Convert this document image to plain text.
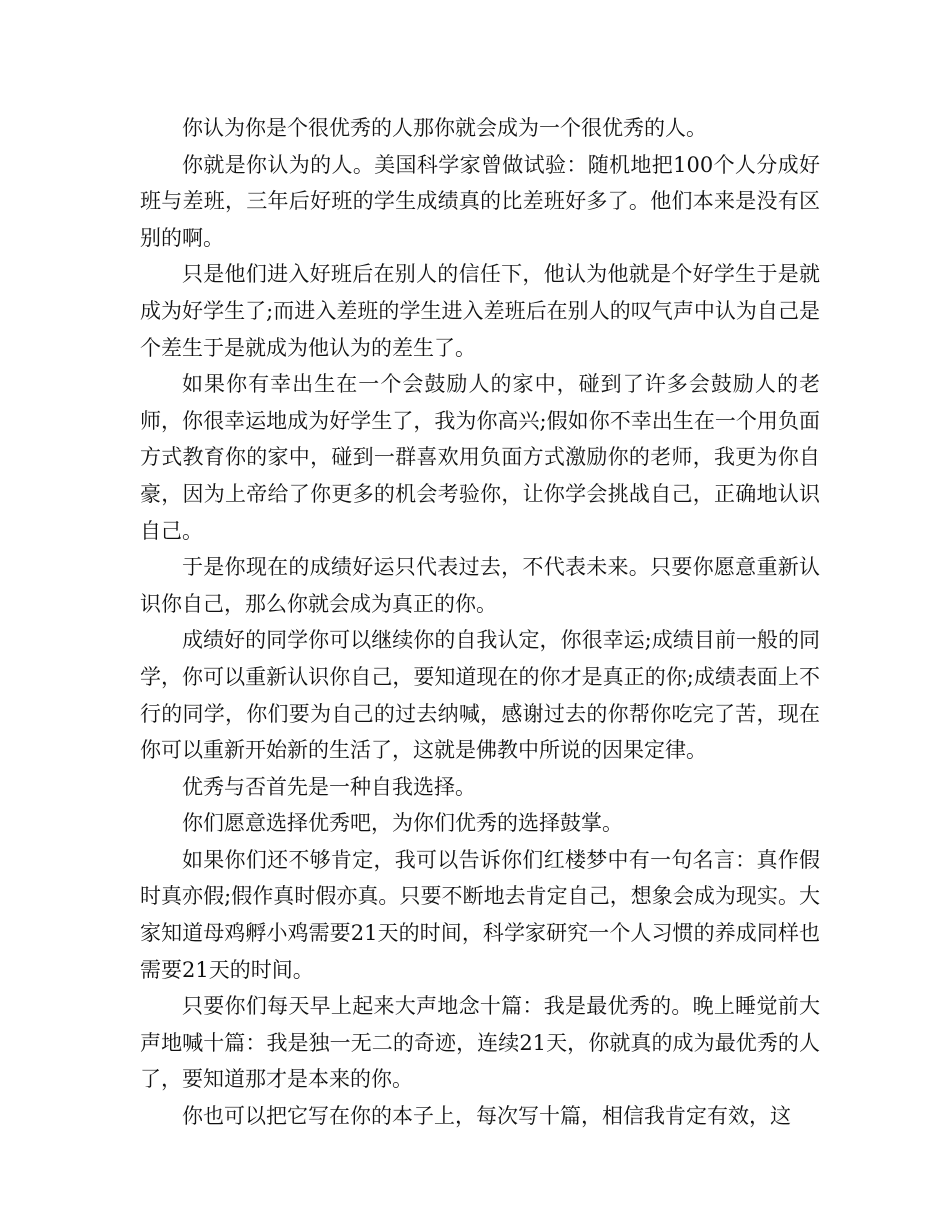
你认为你是个很优秀的人那你就会成为一个很优秀的人。

你就是你认为的人。美国科学家曾做试验：随机地把100个人分成好班与差班，三年后好班的学生成绩真的比差班好多了。他们本来是没有区别的啊。

只是他们进入好班后在别人的信任下，他认为他就是个好学生于是就成为好学生了;而进入差班的学生进入差班后在别人的叹气声中认为自己是个差生于是就成为他认为的差生了。

如果你有幸出生在一个会鼓励人的家中，碰到了许多会鼓励人的老师，你很幸运地成为好学生了，我为你高兴;假如你不幸出生在一个用负面方式教育你的家中，碰到一群喜欢用负面方式激励你的老师，我更为你自豪，因为上帝给了你更多的机会考验你，让你学会挑战自己，正确地认识自己。

于是你现在的成绩好运只代表过去，不代表未来。只要你愿意重新认识你自己，那么你就会成为真正的你。

成绩好的同学你可以继续你的自我认定，你很幸运;成绩目前一般的同学，你可以重新认识你自己，要知道现在的你才是真正的你;成绩表面上不行的同学，你们要为自己的过去纳喊，感谢过去的你帮你吃完了苦，现在你可以重新开始新的生活了，这就是佛教中所说的因果定律。

优秀与否首先是一种自我选择。

你们愿意选择优秀吧，为你们优秀的选择鼓掌。

如果你们还不够肯定，我可以告诉你们红楼梦中有一句名言：真作假时真亦假;假作真时假亦真。只要不断地去肯定自己，想象会成为现实。大家知道母鸡孵小鸡需要21天的时间，科学家研究一个人习惯的养成同样也需要21天的时间。

只要你们每天早上起来大声地念十篇：我是最优秀的。晚上睡觉前大声地喊十篇：我是独一无二的奇迹，连续21天，你就真的成为最优秀的人了，要知道那才是本来的你。

你也可以把它写在你的本子上，每次写十篇，相信我肯定有效，这
